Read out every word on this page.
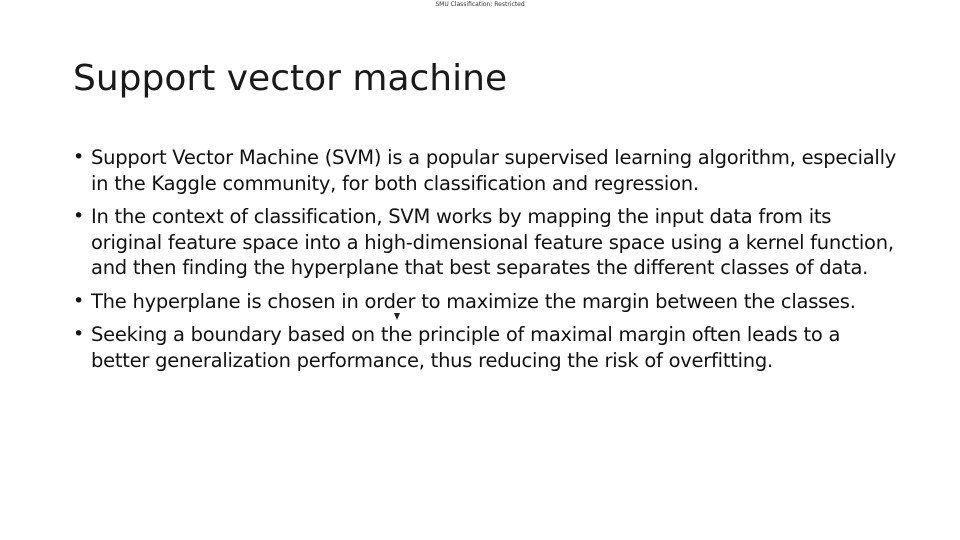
SMU Classification: Restricted
Support vector machine
• Support Vector Machine (SVM) is a popular supervised learning algorithm, especially in the Kaggle community, for both classification and regression.
• In the context of classification, SVM works by mapping the input data from its original feature space into a high-dimensional feature space using a kernel function, and then finding the hyperplane that best separates the different classes of data.
• The hyperplane is chosen in order to maximize the margin between the classes.
• Seeking a boundary based on the principle of maximal margin often leads to a better generalization performance, thus reducing the risk of overfitting.
